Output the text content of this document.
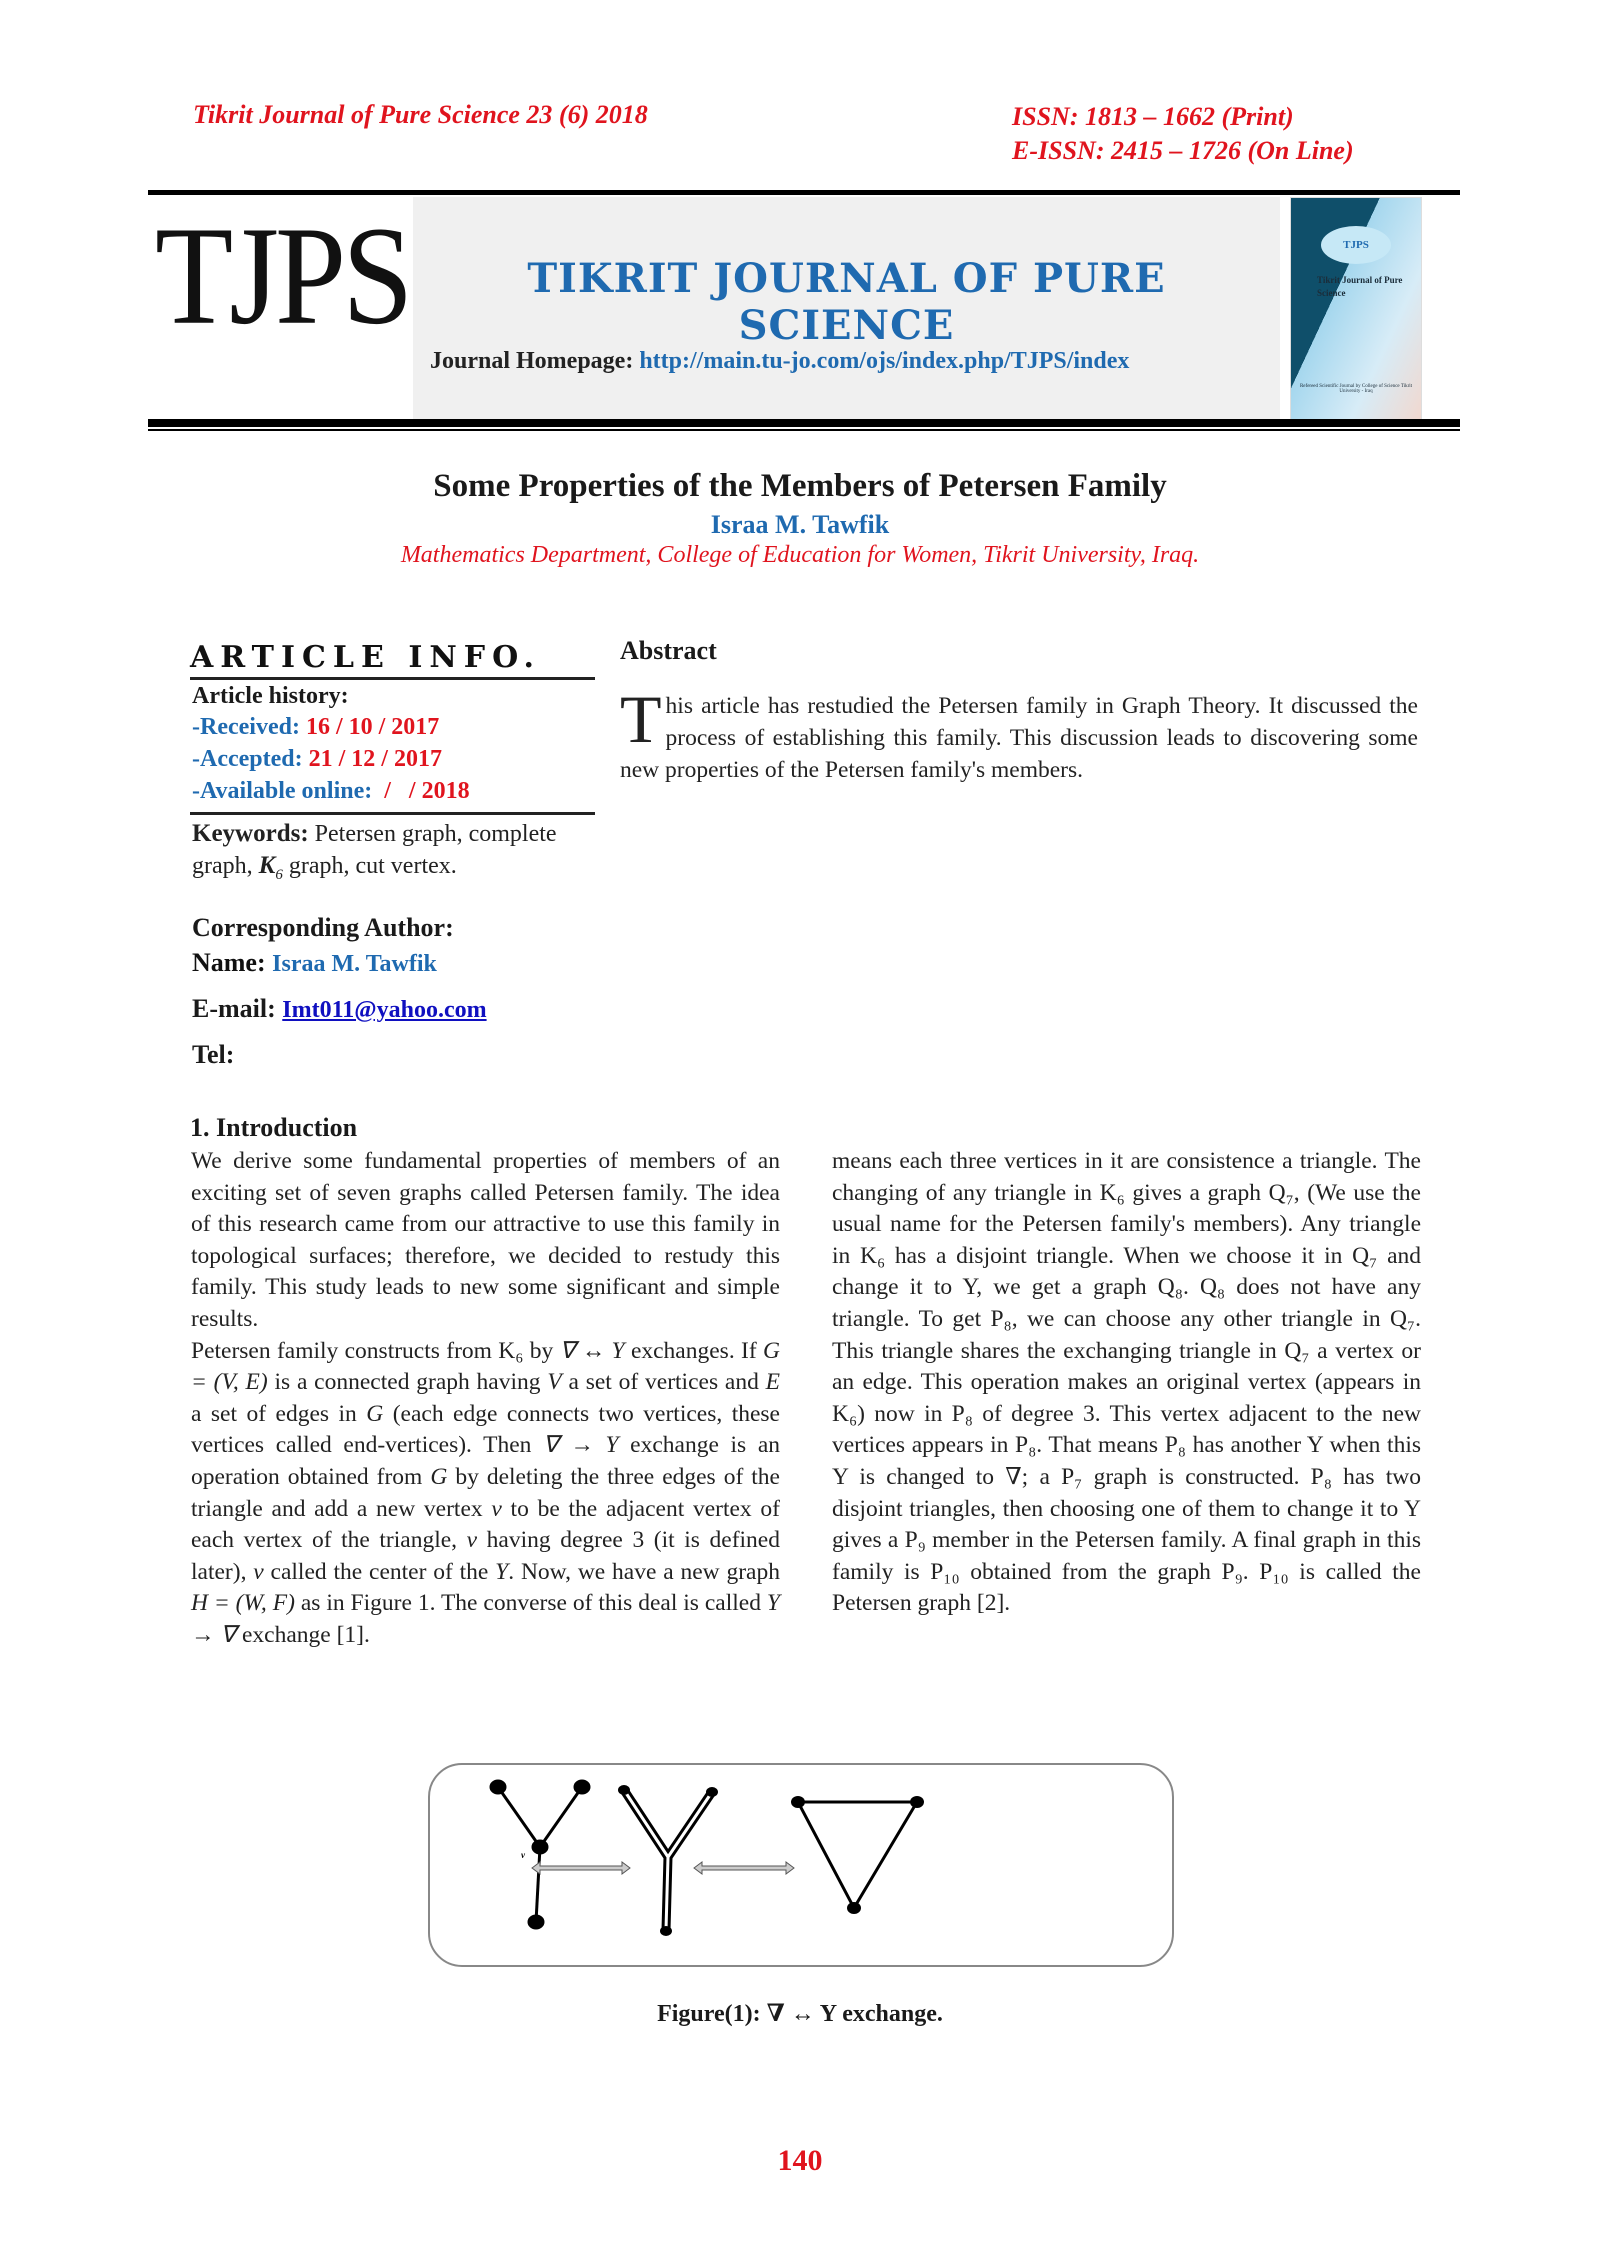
Tikrit Journal of Pure Science 23 (6) 2018	ISSN: 1813 – 1662 (Print)
E-ISSN: 2415 – 1726 (On Line)
TJPS	TIKRIT JOURNAL OF PURE SCIENCE
Journal Homepage: http://main.tu-jo.com/ojs/index.php/TJPS/index
TJPS
Tikrit Journal of Pure Science
Refereed Scientific Journal by College of Science Tikrit University - Iraq
Some Properties of the Members of Petersen Family
Israa M. Tawfik
Mathematics Department, College of Education for Women, Tikrit University, Iraq.
ARTICLE INFO.
Article history:
-Received: 16 / 10 / 2017
-Accepted: 21 / 12 / 2017
-Available online:  /   / 2018
Keywords: Petersen graph, complete graph, $K_6$ graph, cut vertex.
Corresponding Author:
Name: Israa M. Tawfik
E-mail: Imt011@yahoo.com
Tel:
Abstract
This article has restudied the Petersen family in Graph Theory. It discussed the process of establishing this family. This discussion leads to discovering some new properties of the Petersen family's members.
1. Introduction
We derive some fundamental properties of members of an exciting set of seven graphs called Petersen family. The idea of this research came from our attractive to use this family in topological surfaces; therefore, we decided to restudy this family. This study leads to new some significant and simple results.
Petersen family constructs from K₆ by ∇ ↔ Y exchanges. If G = (V, E) is a connected graph having V a set of vertices and E a set of edges in G (each edge connects two vertices, these vertices called end-vertices). Then ∇ → Y exchange is an operation obtained from G by deleting the three edges of the triangle and add a new vertex v to be the adjacent vertex of each vertex of the triangle, v having degree 3 (it is defined later), v called the center of the Y. Now, we have a new graph H = (W, F) as in Figure 1. The converse of this deal is called Y → ∇ exchange [1].
means each three vertices in it are consistence a triangle. The changing of any triangle in K₆ gives a graph Q₇, (We use the usual name for the Petersen family's members). Any triangle in K₆ has a disjoint triangle. When we choose it in Q₇ and change it to Y, we get a graph Q₈. Q₈ does not have any triangle. To get P₈, we can choose any other triangle in Q₇. This triangle shares the exchanging triangle in Q₇ a vertex or an edge. This operation makes an original vertex (appears in K₆) now in P₈ of degree 3. This vertex adjacent to the new vertices appears in P₈. That means P₈ has another Y when this Y is changed to ∇; a P₇ graph is constructed. P₈ has two disjoint triangles, then choosing one of them to change it to Y gives a P₉ member in the Petersen family. A final graph in this family is P₁₀ obtained from the graph P₉. P₁₀ is called the Petersen graph [2].
v
Figure(1): ∇ ↔ Y exchange.
140
